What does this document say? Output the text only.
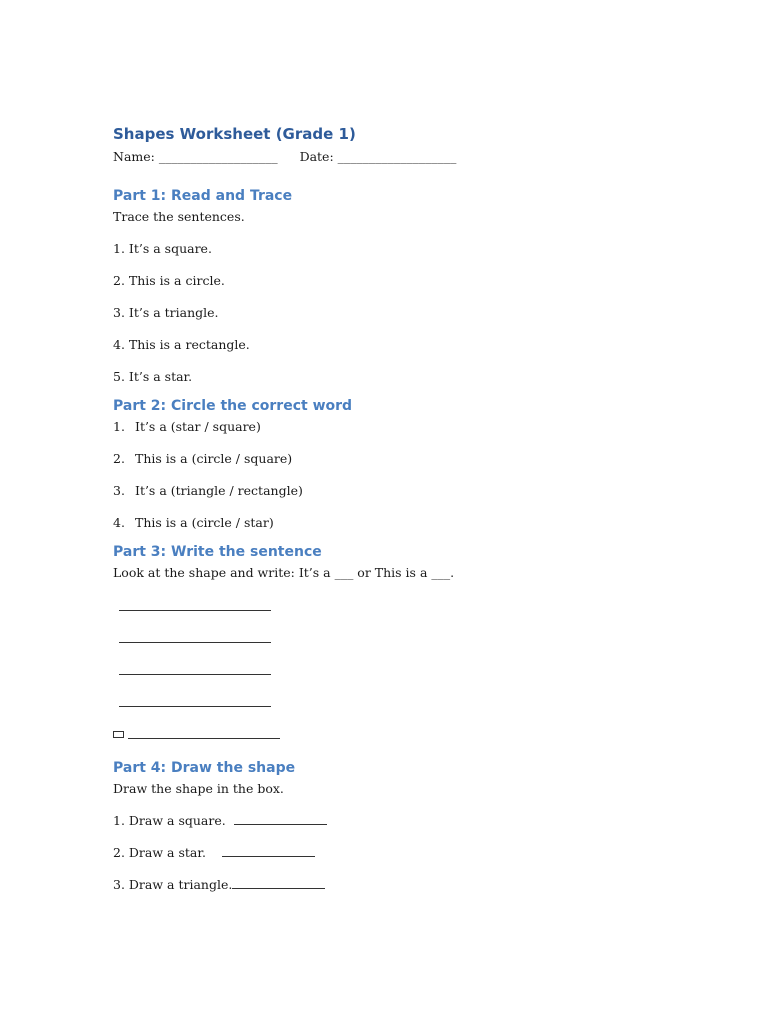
Shapes Worksheet (Grade 1)
Name: ___________________ Date: ___________________
Part 1: Read and Trace

Trace the sentences.

1. It’s a square.

2. This is a circle.

3. It’s a triangle.

4. This is a rectangle.

5. It’s a star.

Part 2: Circle the correct word
1. It’s a (star / square)
2. This is a (circle / square)
3. It’s a (triangle / rectangle)
4. This is a (circle / star)
Part 3: Write the sentence

Look at the shape and write: It’s a ___ or This is a ___.

Part 4: Draw the shape

Draw the shape in the box.

1. Draw a square.
2. Draw a star.
3. Draw a triangle.
